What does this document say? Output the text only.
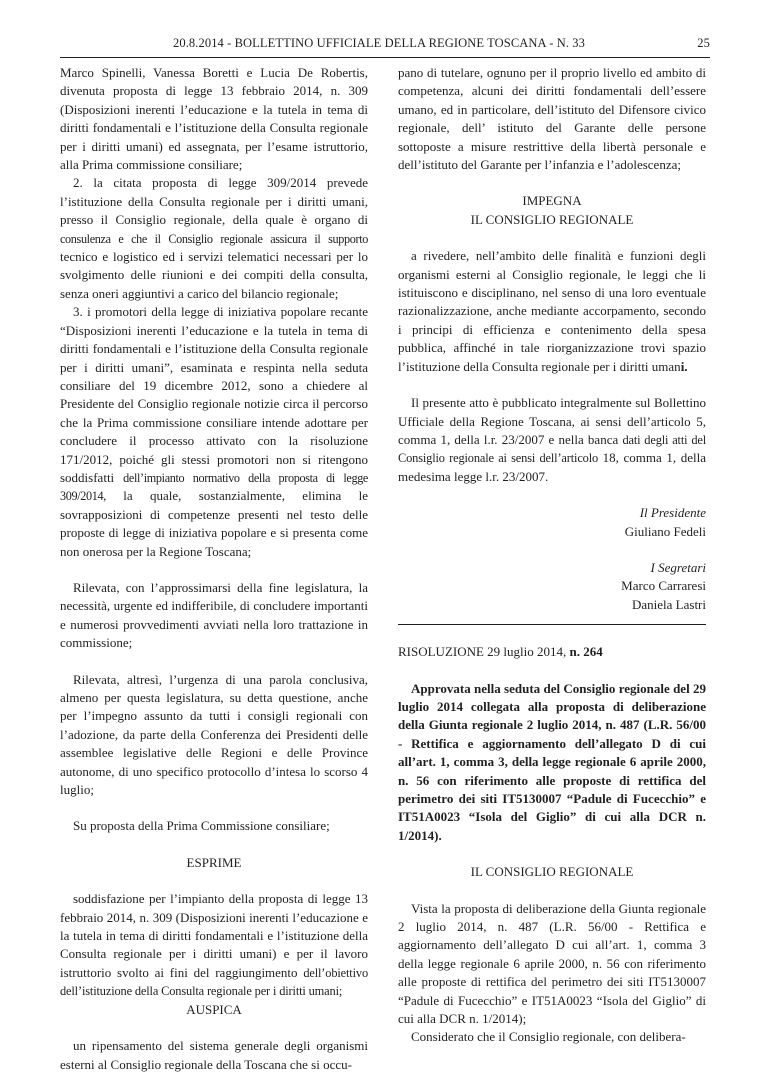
20.8.2014 - BOLLETTINO UFFICIALE DELLA REGIONE TOSCANA - N. 33	25

Marco Spinelli, Vanessa Boretti e Lucia De Robertis, divenuta proposta di legge 13 febbraio 2014, n. 309 (Disposizioni inerenti l’educazione e la tutela in tema di diritti fondamentali e l’istituzione della Consulta regionale per i diritti umani) ed assegnata, per l’esame istruttorio, alla Prima commissione consiliare;

2. la citata proposta di legge 309/2014 prevede l’istituzione della Consulta regionale per i diritti umani, presso il Consiglio regionale, della quale è organo di consulenza e che il Consiglio regionale assicura il supporto tecnico e logistico ed i servizi telematici necessari per lo svolgimento delle riunioni e dei compiti della consulta, senza oneri aggiuntivi a carico del bilancio regionale;

3. i promotori della legge di iniziativa popolare recante “Disposizioni inerenti l’educazione e la tutela in tema di diritti fondamentali e l’istituzione della Consulta regionale per i diritti umani”, esaminata e respinta nella seduta consiliare del 19 dicembre 2012, sono a chiedere al Presidente del Consiglio regionale notizie circa il percorso che la Prima commissione consiliare intende adottare per concludere il processo attivato con la risoluzione 171/2012, poiché gli stessi promotori non si ritengono soddisfatti dell’impianto normativo della proposta di legge 309/2014, la quale, sostanzialmente, elimina le sovrapposizioni di competenze presenti nel testo delle proposte di legge di iniziativa popolare e si presenta come non onerosa per la Regione Toscana;

Rilevata, con l’approssimarsi della fine legislatura, la necessità, urgente ed indifferibile, di concludere importanti e numerosi provvedimenti avviati nella loro trattazione in commissione;

Rilevata, altresì, l’urgenza di una parola conclusiva, almeno per questa legislatura, su detta questione, anche per l’impegno assunto da tutti i consigli regionali con l’adozione, da parte della Conferenza dei Presidenti delle assemblee legislative delle Regioni e delle Province autonome, di uno specifico protocollo d’intesa lo scorso 4 luglio;

Su proposta della Prima Commissione consiliare;

ESPRIME

soddisfazione per l’impianto della proposta di legge 13 febbraio 2014, n. 309 (Disposizioni inerenti l’educazione e la tutela in tema di diritti fondamentali e l’istituzione della Consulta regionale per i diritti umani) e per il lavoro istruttorio svolto ai fini del raggiungimento dell’obiettivo dell’istituzione della Consulta regionale per i diritti umani;

AUSPICA

un ripensamento del sistema generale degli organismi esterni al Consiglio regionale della Toscana che si occu-

pano di tutelare, ognuno per il proprio livello ed ambito di competenza, alcuni dei diritti fondamentali dell’essere umano, ed in particolare, dell’istituto del Difensore civico regionale, dell’ istituto del Garante delle persone sottoposte a misure restrittive della libertà personale e dell’istituto del Garante per l’infanzia e l’adolescenza;

IMPEGNA

IL CONSIGLIO REGIONALE

a rivedere, nell’ambito delle finalità e funzioni degli organismi esterni al Consiglio regionale, le leggi che li istituiscono e disciplinano, nel senso di una loro eventuale razionalizzazione, anche mediante accorpamento, secondo i principi di efficienza e contenimento della spesa pubblica, affinché in tale riorganizzazione trovi spazio l’istituzione della Consulta regionale per i diritti umani.

Il presente atto è pubblicato integralmente sul Bollettino Ufficiale della Regione Toscana, ai sensi dell’articolo 5, comma 1, della l.r. 23/2007 e nella banca dati degli atti del Consiglio regionale ai sensi dell’articolo 18, comma 1, della medesima legge l.r. 23/2007.

Il Presidente

Giuliano Fedeli

I Segretari

Marco Carraresi

Daniela Lastri

RISOLUZIONE 29 luglio 2014, n. 264

Approvata nella seduta del Consiglio regionale del 29 luglio 2014 collegata alla proposta di deliberazione della Giunta regionale 2 luglio 2014, n. 487 (L.R. 56/00 - Rettifica e aggiornamento dell’allegato D di cui all’art. 1, comma 3, della legge regionale 6 aprile 2000, n. 56 con riferimento alle proposte di rettifica del perimetro dei siti IT5130007 “Padule di Fucecchio” e IT51A0023 “Isola del Giglio” di cui alla DCR n. 1/2014).

IL CONSIGLIO REGIONALE

Vista la proposta di deliberazione della Giunta regionale 2 luglio 2014, n. 487 (L.R. 56/00 - Rettifica e aggiornamento dell’allegato D cui all’art. 1, comma 3 della legge regionale 6 aprile 2000, n. 56 con riferimento alle proposte di rettifica del perimetro dei siti IT5130007 “Padule di Fucecchio” e IT51A0023 “Isola del Giglio” di cui alla DCR n. 1/2014);

Considerato che il Consiglio regionale, con delibera-
